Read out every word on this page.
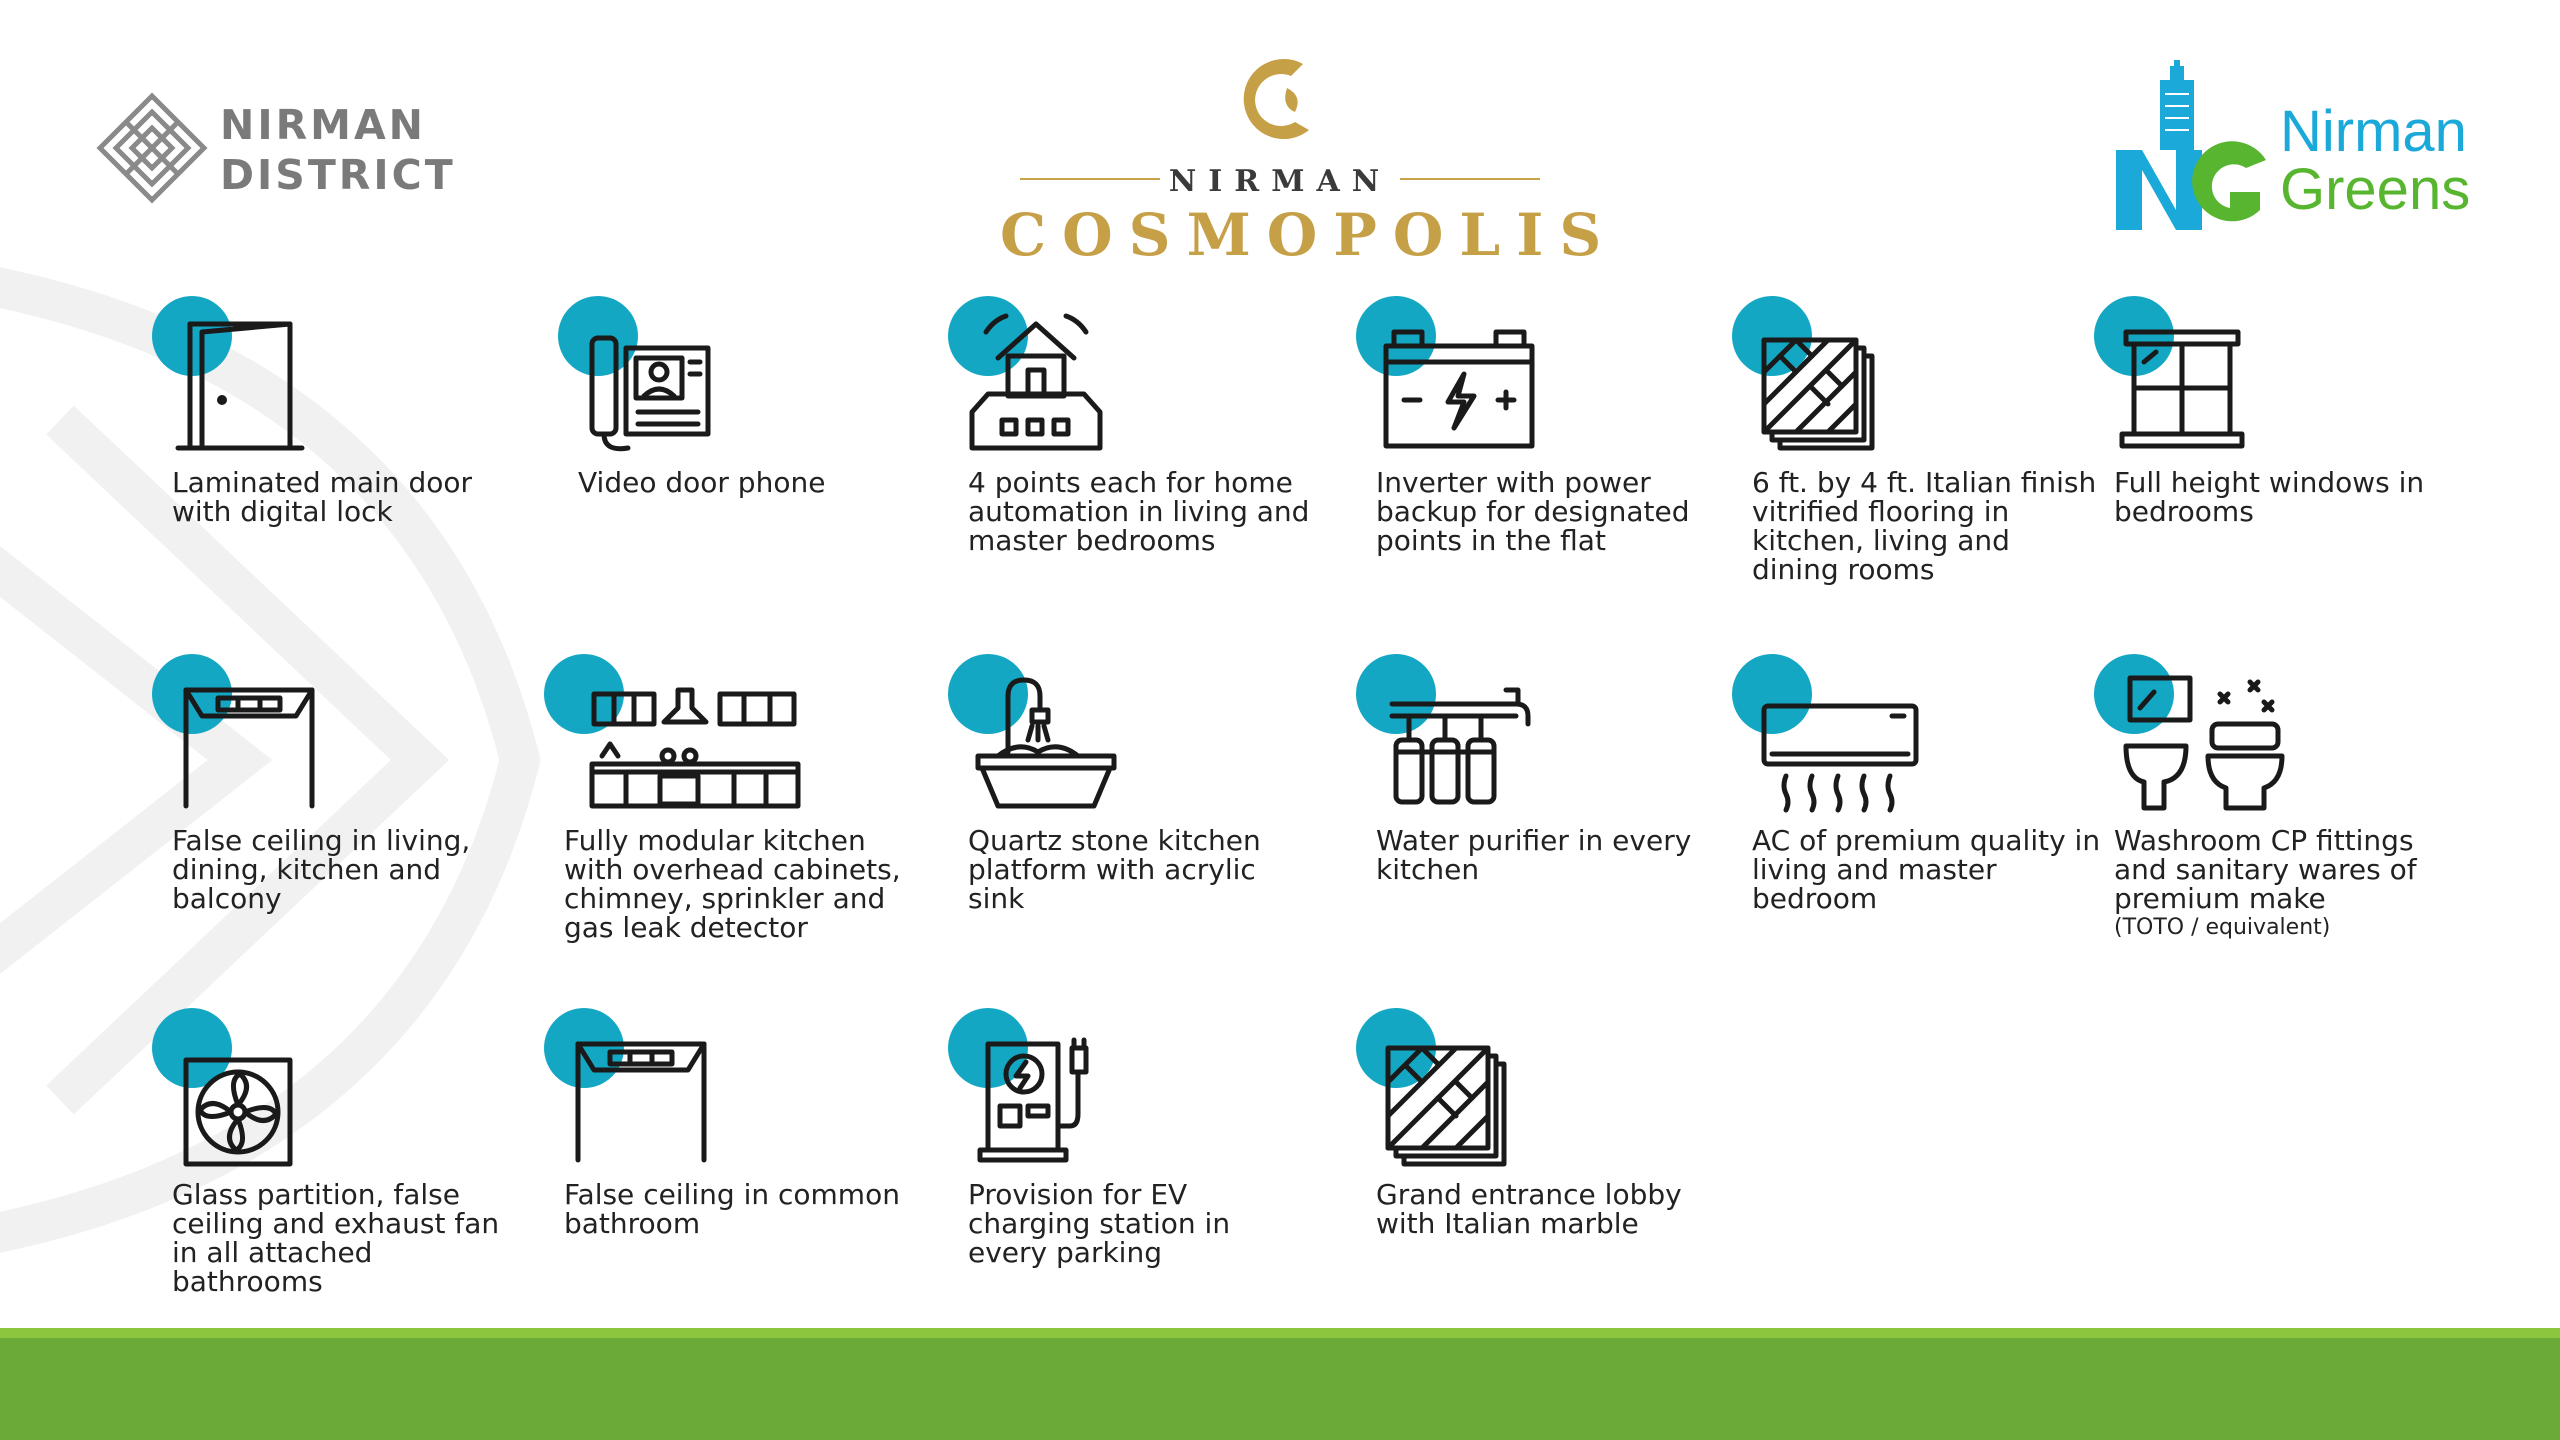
NIRMAN
DISTRICT	NIRMAN
COSMOPOLIS
Nirman
Greens
Laminated main door with digital lock
Video door phone	4 points each for home automation in living and master bedrooms
Inverter with power backup for designated points in the flat
6 ft. by 4 ft. Italian finish vitrified flooring in kitchen, living and dining rooms
Full height windows in bedrooms
False ceiling in living, dining, kitchen and balcony
Fully modular kitchen with overhead cabinets, chimney, sprinkler and gas leak detector
Quartz stone kitchen platform with acrylic sink
Water purifier in every kitchen
AC of premium quality in living and master bedroom
Washroom CP fittings and sanitary wares of premium make
(TOTO / equivalent)
Glass partition, false ceiling and exhaust fan in all attached bathrooms
False ceiling in common bathroom
Provision for EV charging station in every parking
Grand entrance lobby with Italian marble
